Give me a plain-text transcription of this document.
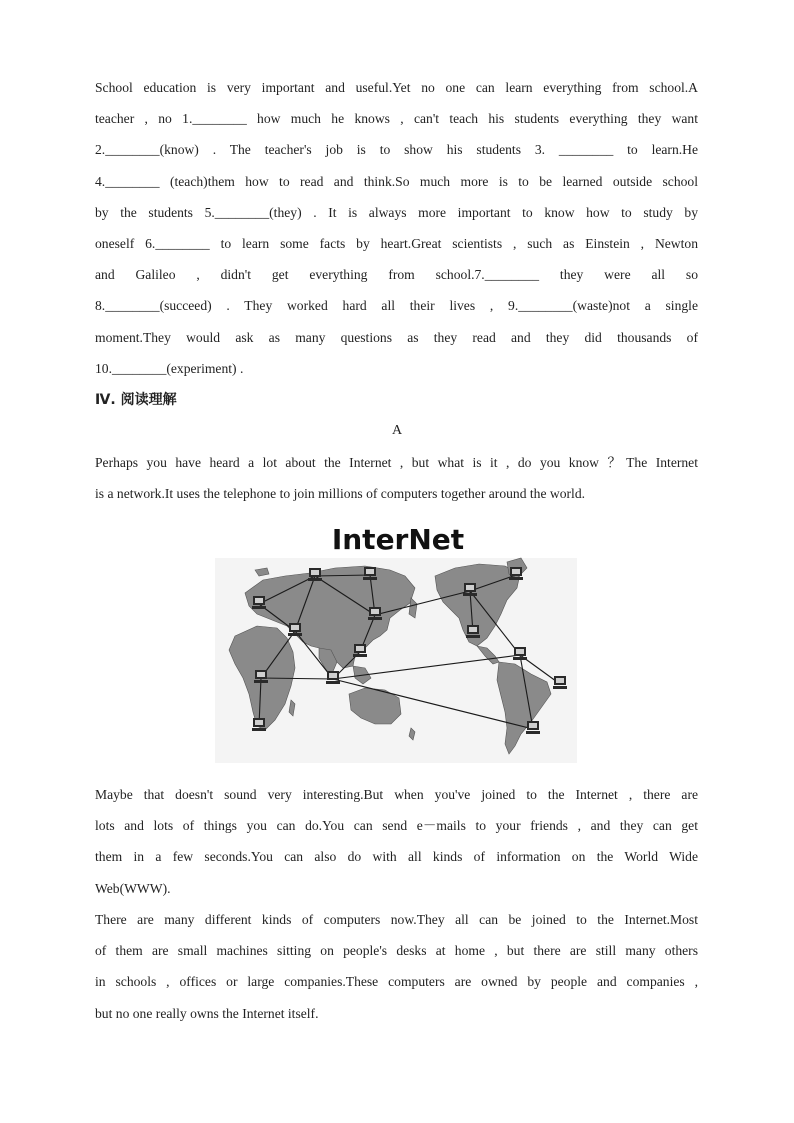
School education is very important and useful.Yet no one can learn everything from school.A
teacher , no 1.________ how much he knows , can't teach his students everything they want
2.________(know) . The teacher's job is to show his students 3. ________ to learn.He
4.________ (teach)them how to read and think.So much more is to be learned outside school
by the students 5.________(they) . It is always more important to know how to study by
oneself 6.________ to learn some facts by heart.Great scientists , such as Einstein , Newton
and Galileo , didn't get everything from school.7.________ they were all so
8.________(succeed) . They worked hard all their lives , 9.________(waste)not a single
moment.They would ask as many questions as they read and they did thousands of
10.________(experiment) .
Ⅳ. 阅读理解
A
Perhaps you have heard a lot about the Internet , but what is it , do you know ？The Internet
is a network.It uses the telephone to join millions of computers together around the world.
InterNet
Maybe that doesn't sound very interesting.But when you've joined to the Internet , there are
lots and lots of things you can do.You can send e－mails to your friends , and they can get
them in a few seconds.You can also do with all kinds of information on the World Wide
Web(WWW).
There are many different kinds of computers now.They all can be joined to the Internet.Most
of them are small machines sitting on people's desks at home , but there are still many others
in schools , offices or large companies.These computers are owned by people and companies ,
but no one really owns the Internet itself.
